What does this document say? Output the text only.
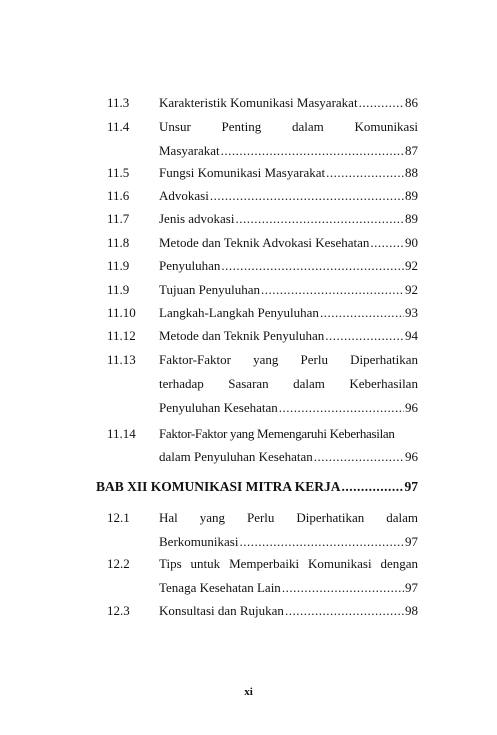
11.3 Karakteristik Komunikasi Masyarakat .....	86
11.4 Unsur Penting dalam Komunikasi
Masyarakat .....	87
11.5 Fungsi Komunikasi Masyarakat .....	88
11.6 Advokasi .....	89
11.7 Jenis advokasi .....	89
11.8 Metode dan Teknik Advokasi Kesehatan .....	90
11.9 Penyuluhan .....	92
11.9 Tujuan Penyuluhan .....	92
11.10 Langkah-Langkah Penyuluhan .....	93
11.12 Metode dan Teknik Penyuluhan .....	94
11.13 Faktor-Faktor yang Perlu Diperhatikan
terhadap Sasaran dalam Keberhasilan
Penyuluhan Kesehatan .....	96
11.14 Faktor-Faktor yang Memengaruhi Keberhasilan
dalam Penyuluhan Kesehatan .....	96
BAB XII KOMUNIKASI MITRA KERJA .....	97
12.1 Hal yang Perlu Diperhatikan dalam
Berkomunikasi .....	97
12.2 Tips untuk Memperbaiki Komunikasi dengan
Tenaga Kesehatan Lain .....	97
12.3 Konsultasi dan Rujukan .....	98
xi
